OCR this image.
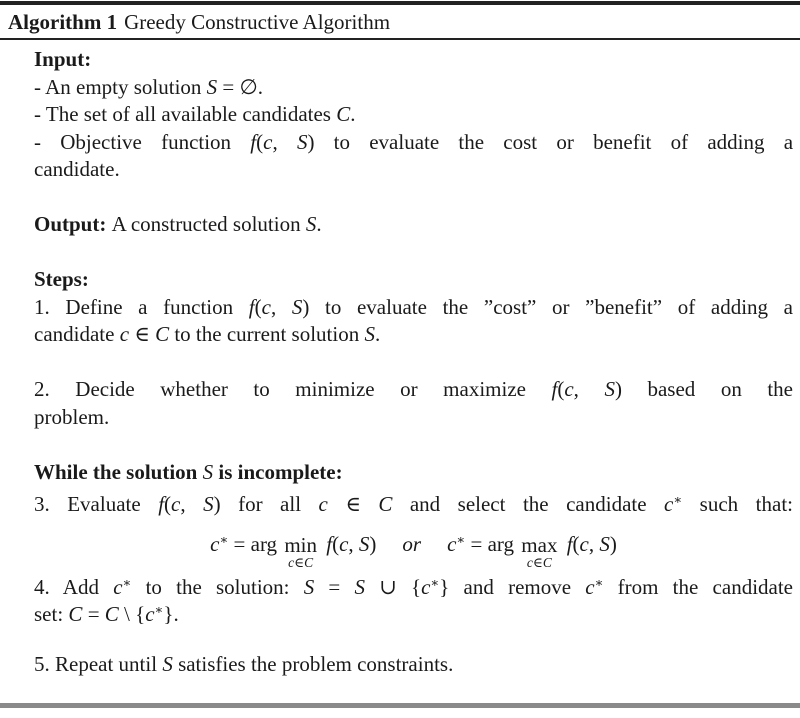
Algorithm 1 Greedy Constructive Algorithm
Input:
- An empty solution S = ∅.
- The set of all available candidates C.
- Objective function f(c, S) to evaluate the cost or benefit of adding a
candidate.
Output: A constructed solution S.
Steps:
1. Define a function f(c, S) to evaluate the ”cost” or ”benefit” of adding a
candidate c ∈ C to the current solution S.
2. Decide whether to minimize or maximize f(c, S) based on the
problem.
While the solution S is incomplete:
3. Evaluate f(c, S) for all c ∈ C and select the candidate c∗ such that:
c∗ = arg min
c∈C
f(c, S) or c∗ = arg max
c∈C
f(c, S)
4. Add c∗ to the solution: S = S ∪ {c∗} and remove c∗ from the candidate
set: C = C \ {c∗}.
5. Repeat until S satisfies the problem constraints.
